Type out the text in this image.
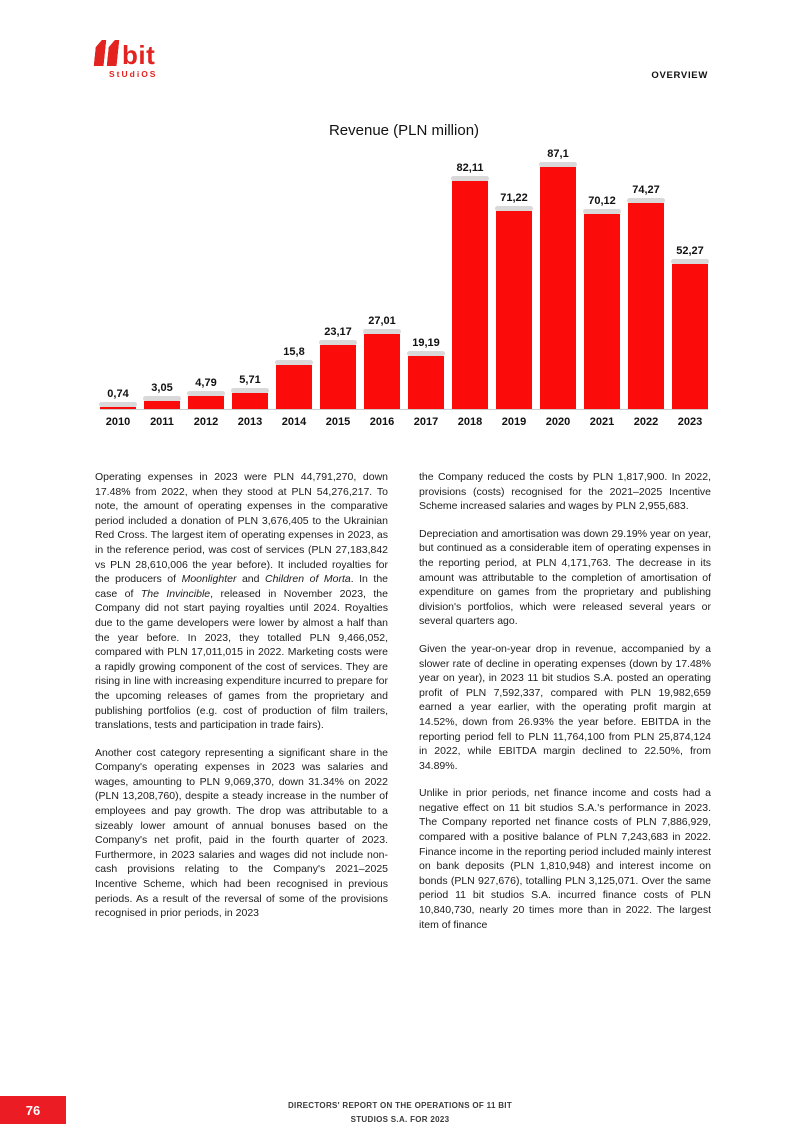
bit
StUdiOS	OVERVIEW
Revenue (PLN million)
0,74
3,05 4,79 5,71
15,8
23,17
27,01
19,19
82,11
71,22
87,1
70,12
74,27
52,27
2010	2011	2012	2013	2014	2015	2016	2017	2018	2019	2020	2021	2022	2023

Operating expenses in 2023 were PLN 44,791,270, down 17.48% from 2022, when they stood at PLN 54,276,217. To note, the amount of operating expenses in the comparative period included a donation of PLN 3,676,405 to the Ukrainian Red Cross. The largest item of operating expenses in 2023, as in the reference period, was cost of services (PLN 27,183,842 vs PLN 28,610,006 the year before). It included royalties for the producers of Moonlighter and Children of Morta. In the case of The Invincible, released in November 2023, the Company did not start paying royalties until 2024. Royalties due to the game developers were lower by almost a half than the year before. In 2023, they totalled PLN 9,466,052, compared with PLN 17,011,015 in 2022. Marketing costs were a rapidly growing component of the cost of services. They are rising in line with increasing expenditure incurred to prepare for the upcoming releases of games from the proprietary and publishing portfolios (e.g. cost of production of film trailers, translations, tests and participation in trade fairs).

Another cost category representing a significant share in the Company's operating expenses in 2023 was salaries and wages, amounting to PLN 9,069,370, down 31.34% on 2022 (PLN 13,208,760), despite a steady increase in the number of employees and pay growth. The drop was attributable to a sizeably lower amount of annual bonuses based on the Company's net profit, paid in the fourth quarter of 2023. Furthermore, in 2023 salaries and wages did not include non-cash provisions relating to the Company's 2021–2025 Incentive Scheme, which had been recognised in previous periods. As a result of the reversal of some of the provisions recognised in prior periods, in 2023

the Company reduced the costs by PLN 1,817,900. In 2022, provisions (costs) recognised for the 2021–2025 Incentive Scheme increased salaries and wages by PLN 2,955,683.

Depreciation and amortisation was down 29.19% year on year, but continued as a considerable item of operating expenses in the reporting period, at PLN 4,171,763. The decrease in its amount was attributable to the completion of amortisation of expenditure on games from the proprietary and publishing division's portfolios, which were released several years or several quarters ago.

Given the year-on-year drop in revenue, accompanied by a slower rate of decline in operating expenses (down by 17.48% year on year), in 2023 11 bit studios S.A. posted an operating profit of PLN 7,592,337, compared with PLN 19,982,659 earned a year earlier, with the operating profit margin at 14.52%, down from 26.93% the year before. EBITDA in the reporting period fell to PLN 11,764,100 from PLN 25,874,124 in 2022, while EBITDA margin declined to 22.50%, from 34.89%.

Unlike in prior periods, net finance income and costs had a negative effect on 11 bit studios S.A.'s performance in 2023. The Company reported net finance costs of PLN 7,886,929, compared with a positive balance of PLN 7,243,683 in 2022. Finance income in the reporting period included mainly interest on bank deposits (PLN 1,810,948) and interest income on bonds (PLN 927,676), totalling PLN 3,125,071. Over the same period 11 bit studios S.A. incurred finance costs of PLN 10,840,730, nearly 20 times more than in 2022. The largest item of finance

76	DIRECTORS' REPORT ON THE OPERATIONS OF 11 BIT
STUDIOS S.A. FOR 2023
